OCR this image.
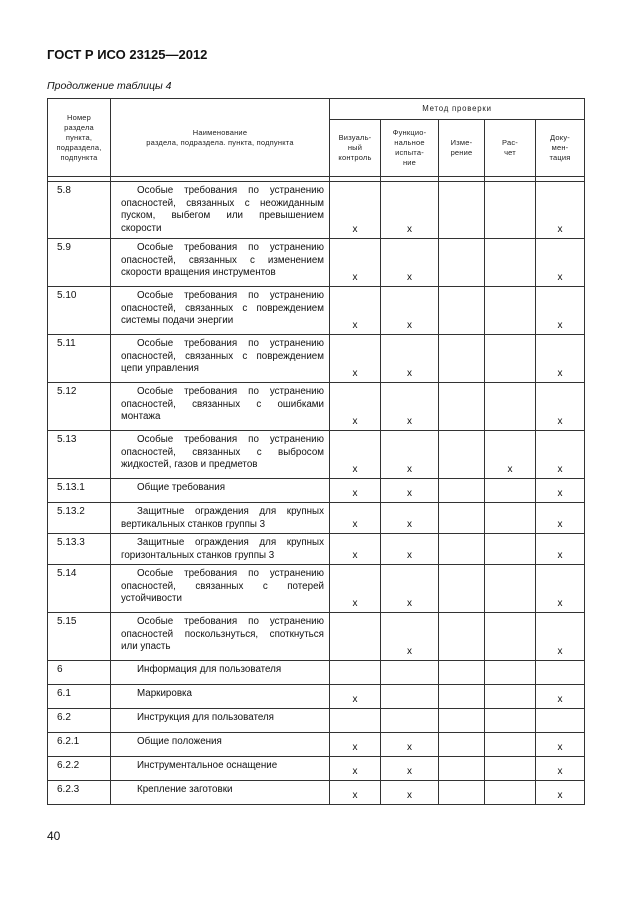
ГОСТ Р ИСО 23125—2012
Продолжение таблицы 4
Номер
раздела
пункта,
подраздела,
подпункта	Наименование
раздела, подраздела. пункта, подпункта	Метод проверки				
		Визуаль-
ный
контроль	Функцио-
нальное
испыта-
ние	Изме-
рение	Рас-
чет	Доку-
мен-
тация

5.8	Особые требования по устранению опасностей, связанных с неожиданным пуском, выбегом или превышением скорости	x	x			x
5.9	Особые требования по устранению опасностей, связанных с изменением скорости вращения инструментов	x	x			x
5.10	Особые требования по устранению опасностей, связанных с повреждением системы подачи энергии	x	x			x
5.11	Особые требования по устранению опасностей, связанных с повреждением цепи управления	x	x			x
5.12	Особые требования по устранению опасностей, связанных с ошибками монтажа	x	x			x
5.13	Особые требования по устранению опасностей, связанных с выбросом жидкостей, газов и предметов	x	x		x	x
5.13.1	Общие требования	x	x			x
5.13.2	Защитные ограждения для крупных вертикальных станков группы 3	x	x			x
5.13.3	Защитные ограждения для крупных горизонтальных станков группы 3	x	x			x
5.14	Особые требования по устранению опасностей, связанных с потерей устойчивости	x	x			x
5.15	Особые требования по устранению опасностей поскользнуться, споткнуться или упасть		x			x
6	Информация для пользователя					
6.1	Маркировка	x				x
6.2	Инструкция для пользователя					
6.2.1	Общие положения	x	x			x
6.2.2	Инструментальное оснащение	x	x			x
6.2.3	Крепление заготовки	x	x			x
40
